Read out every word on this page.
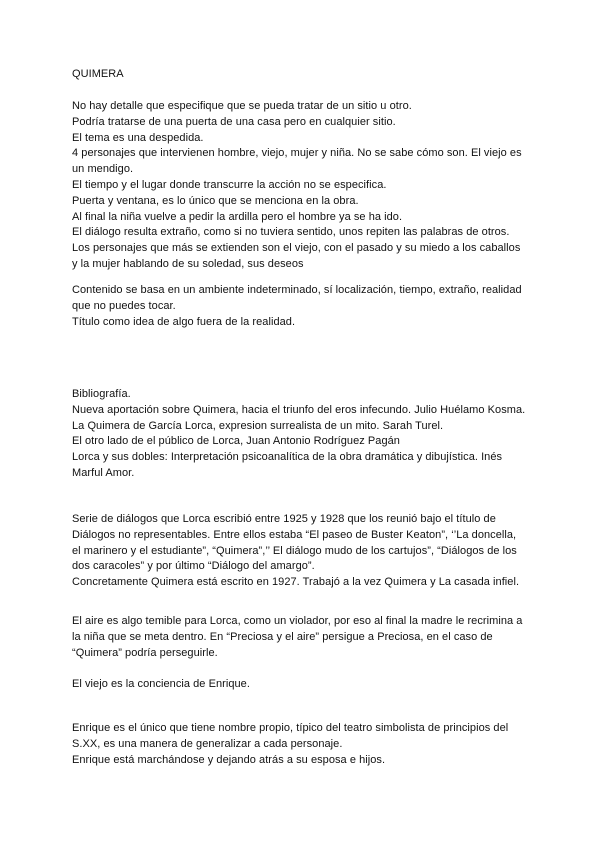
QUIMERA
No hay detalle que especifique que se pueda tratar de un sitio u otro.
Podría tratarse de una puerta de una casa pero en cualquier sitio.
El tema es una despedida.
4 personajes que intervienen hombre, viejo, mujer y niña. No se sabe cómo son. El viejo es
un mendigo.
El tiempo y el lugar donde transcurre la acción no se especifica.
Puerta y ventana, es lo único que se menciona en la obra.
Al final la niña vuelve a pedir la ardilla pero el hombre ya se ha ido.
El diálogo resulta extraño, como si no tuviera sentido, unos repiten las palabras de otros.
Los personajes que más se extienden son el viejo, con el pasado y su miedo a los caballos
y la mujer hablando de su soledad, sus deseos
Contenido se basa en un ambiente indeterminado, sí localización, tiempo, extraño, realidad
que no puedes tocar.
Título como idea de algo fuera de la realidad.
Bibliografía.
Nueva aportación sobre Quimera, hacia el triunfo del eros infecundo. Julio Huélamo Kosma.
La Quimera de García Lorca, expresion surrealista de un mito. Sarah Turel.
El otro lado de el público de Lorca, Juan Antonio Rodríguez Pagán
Lorca y sus dobles: Interpretación psicoanalítica de la obra dramática y dibujística. Inés
Marful Amor.
Serie de diálogos que Lorca escribió entre 1925 y 1928 que los reunió bajo el título de
Diálogos no representables. Entre ellos estaba “El paseo de Buster Keaton”, ‘’La doncella,
el marinero y el estudiante”, “Quimera”,’’ El diálogo mudo de los cartujos”, “Diálogos de los
dos caracoles” y por último “Diálogo del amargo”.
Concretamente Quimera está escrito en 1927. Trabajó a la vez Quimera y La casada infiel.
El aire es algo temible para Lorca, como un violador, por eso al final la madre le recrimina a
la niña que se meta dentro. En “Preciosa y el aire” persigue a Preciosa, en el caso de
“Quimera” podría perseguirle.
El viejo es la conciencia de Enrique.
Enrique es el único que tiene nombre propio, típico del teatro simbolista de principios del
S.XX, es una manera de generalizar a cada personaje.
Enrique está marchándose y dejando atrás a su esposa e hijos.
